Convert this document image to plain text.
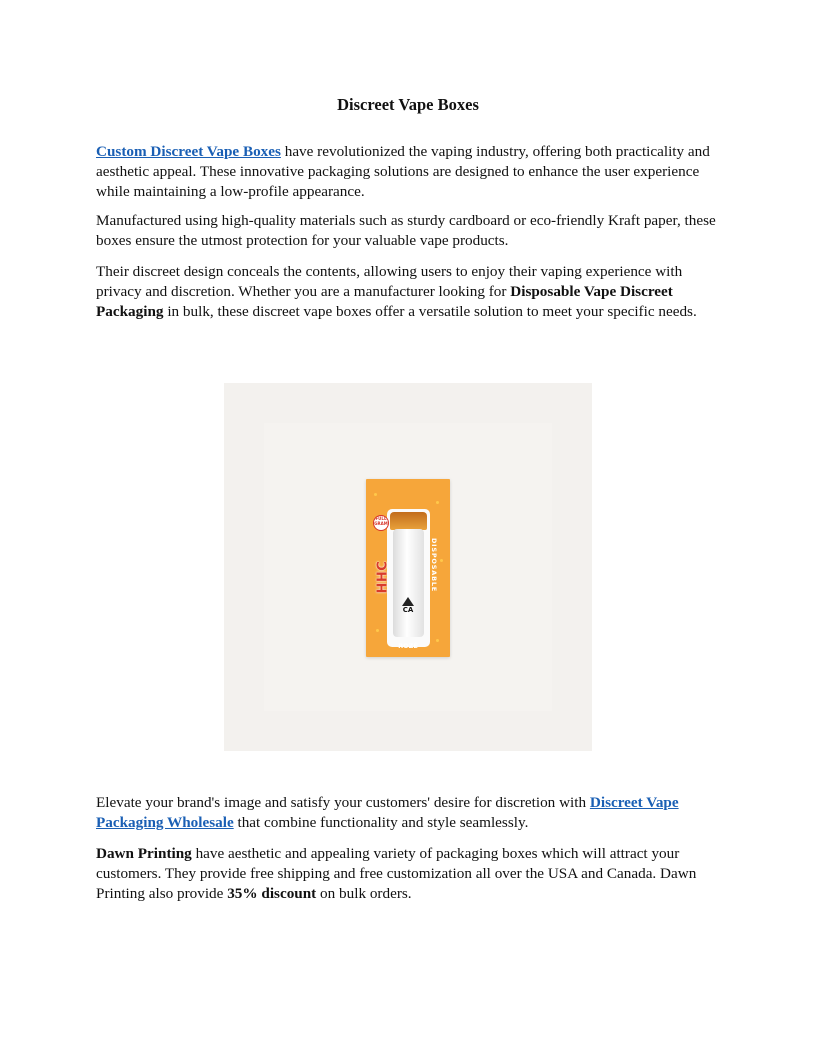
Discreet Vape Boxes

Custom Discreet Vape Boxes have revolutionized the vaping industry, offering both practicality and aesthetic appeal. These innovative packaging solutions are designed to enhance the user experience while maintaining a low-profile appearance.

Manufactured using high-quality materials such as sturdy cardboard or eco-friendly Kraft paper, these boxes ensure the utmost protection for your valuable vape products.

Their discreet design conceals the contents, allowing users to enjoy their vaping experience with privacy and discretion. Whether you are a manufacturer looking for Disposable Vape Discreet Packaging in bulk, these discreet vape boxes offer a versatile solution to meet your specific needs.

FULL GRAM
HHC	DISPOSABLE
CA
ROZÉ

Elevate your brand's image and satisfy your customers' desire for discretion with Discreet Vape Packaging Wholesale that combine functionality and style seamlessly.

Dawn Printing have aesthetic and appealing variety of packaging boxes which will attract your customers. They provide free shipping and free customization all over the USA and Canada. Dawn Printing also provide 35% discount on bulk orders.
